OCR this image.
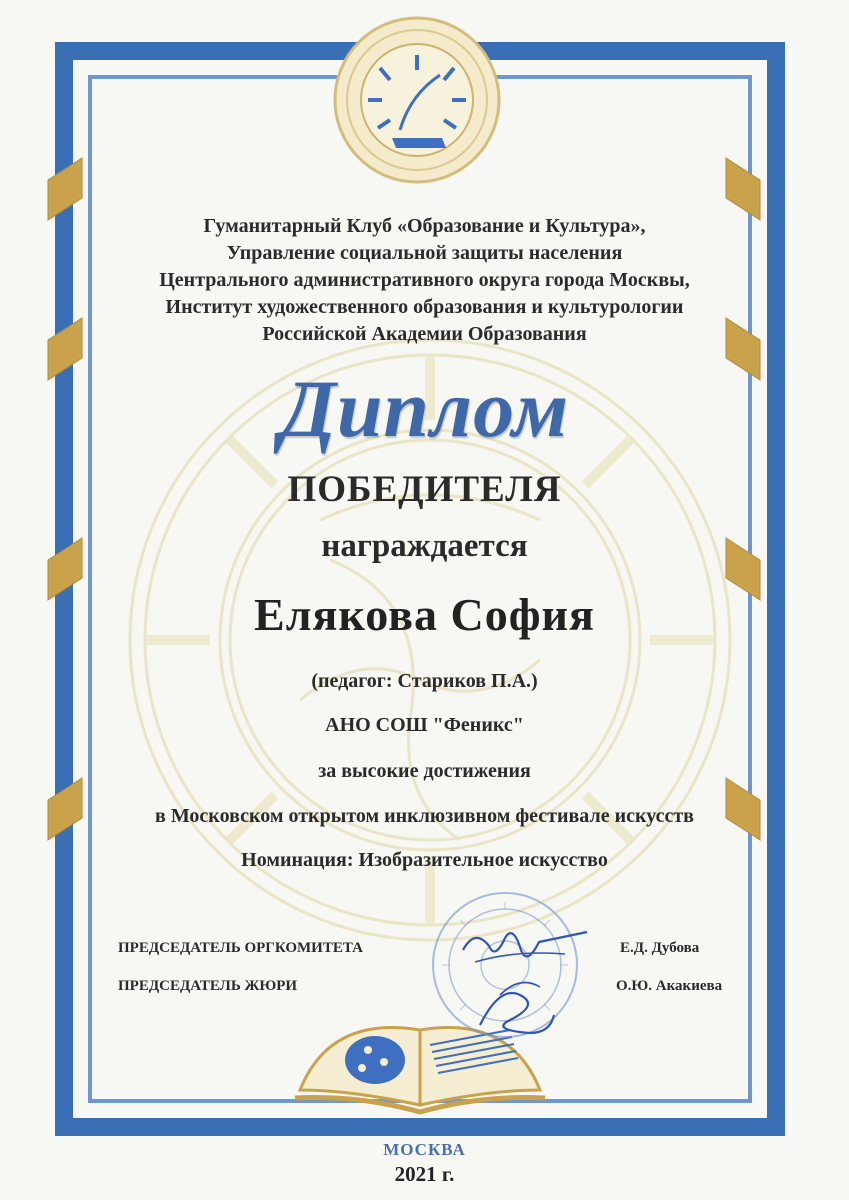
Гуманитарный Клуб «Образование и Культура»,
Управление социальной защиты населения
Центрального административного округа города Москвы,
Институт художественного образования и культурологии
Российской Академии Образования
Диплом
ПОБЕДИТЕЛЯ
награждается
Елякова София
(педагог: Стариков П.А.)
АНО СОШ "Феникс"
за высокие достижения
в Московском открытом инклюзивном фестивале искусств
Номинация: Изобразительное искусство
ПРЕДСЕДАТЕЛЬ ОРГКОМИТЕТА	Е.Д. Дубова
ПРЕДСЕДАТЕЛЬ ЖЮРИ	О.Ю. Акакиева
МОСКВА
2021 г.
